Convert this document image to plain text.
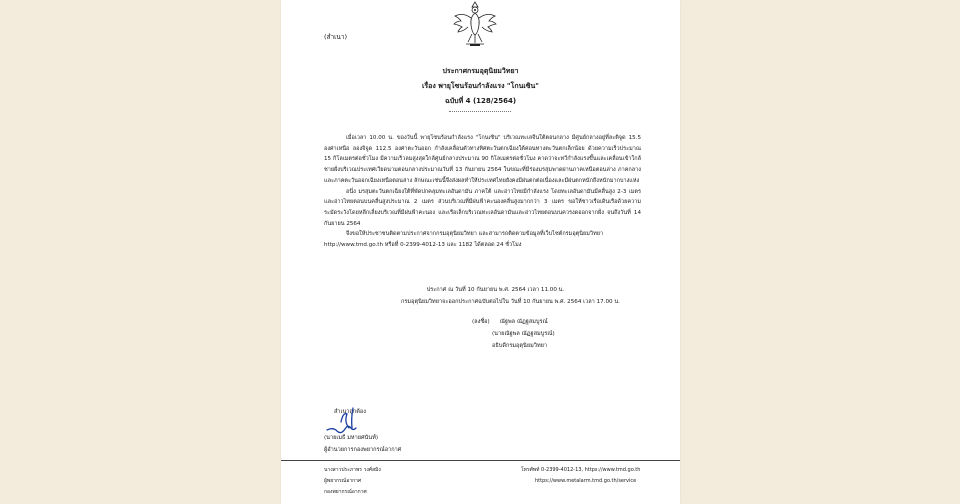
(สำเนา)
ประกาศกรมอุตุนิยมวิทยา
เรื่อง พายุโซนร้อนกำลังแรง "โกนเซิน"
ฉบับที่ 4 (128/2564)

เมื่อเวลา 10.00 น. ของวันนี้ พายุโซนร้อนกำลังแรง "โกนเซิน" บริเวณทะเลจีนใต้ตอนกลาง มีศูนย์กลางอยู่ที่ละติจูด 15.5 องศาเหนือ ลองจิจูด 112.5 องศาตะวันออก กำลังเคลื่อนตัวทางทิศตะวันตกเฉียงใต้ค่อนทางตะวันตกเล็กน้อย ด้วยความเร็วประมาณ 15 กิโลเมตรต่อชั่วโมง มีความเร็วลมสูงสุดใกล้ศูนย์กลางประมาณ 90 กิโลเมตรต่อชั่วโมง คาดว่าจะทวีกำลังแรงขึ้นและเคลื่อนเข้าใกล้ชายฝั่งบริเวณประเทศเวียดนามตอนกลางประมาณวันที่ 13 กันยายน 2564 ในขณะที่มีร่องมรสุมพาดผ่านภาคเหนือตอนล่าง ภาคกลาง และภาคตะวันออกเฉียงเหนือตอนล่าง ลักษณะเช่นนี้จึงส่งผลทำให้ประเทศไทยยังคงมีฝนตกต่อเนื่องและมีฝนตกหนักถึงหนักมากบางแห่ง

อนึ่ง มรสุมตะวันตกเฉียงใต้ที่พัดปกคลุมทะเลอันดามัน ภาคใต้ และอ่าวไทยมีกำลังแรง โดยทะเลอันดามันมีคลื่นสูง 2-3 เมตร และอ่าวไทยตอนบนคลื่นสูงประมาณ 2 เมตร ส่วนบริเวณที่มีฝนฟ้าคะนองคลื่นสูงมากกว่า 3 เมตร ขอให้ชาวเรือเดินเรือด้วยความระมัดระวังโดยหลีกเลี่ยงบริเวณที่มีฝนฟ้าคะนอง และเรือเล็กบริเวณทะเลอันดามันและอ่าวไทยตอนบนควรงดออกจากฝั่ง จนถึงวันที่ 14 กันยายน 2564

จึงขอให้ประชาชนติดตามประกาศจากกรมอุตุนิยมวิทยา และสามารถติดตามข้อมูลที่เว็บไซต์กรมอุตุนิยมวิทยา

http://www.tmd.go.th หรือที่ 0-2399-4012-13 และ 1182 ได้ตลอด 24 ชั่วโมง

ประกาศ ณ วันที่ 10 กันยายน พ.ศ. 2564 เวลา 11.00 น.
กรมอุตุนิยมวิทยาจะออกประกาศฉบับต่อไปใน วันที่ 10 กันยายน พ.ศ. 2564 เวลา 17.00 น.
(ลงชื่อ) ณัฐพล ณัฏฐสมบูรณ์
(นายณัฐพล ณัฏฐสมบูรณ์)
อธิบดีกรมอุตุนิยมวิทยา
สำเนาถูกต้อง
(นายเมธี มหายศนันท์)
ผู้อำนวยการกองพยากรณ์อากาศ
นางสาวประภาพร วงศ์สมิง
ผู้พยากรณ์อากาศ
กองพยากรณ์อากาศ
โทรศัพท์ 0-2399-4012-13, https://www.tmd.go.th
https://www.metalarm.tmd.go.th/service
